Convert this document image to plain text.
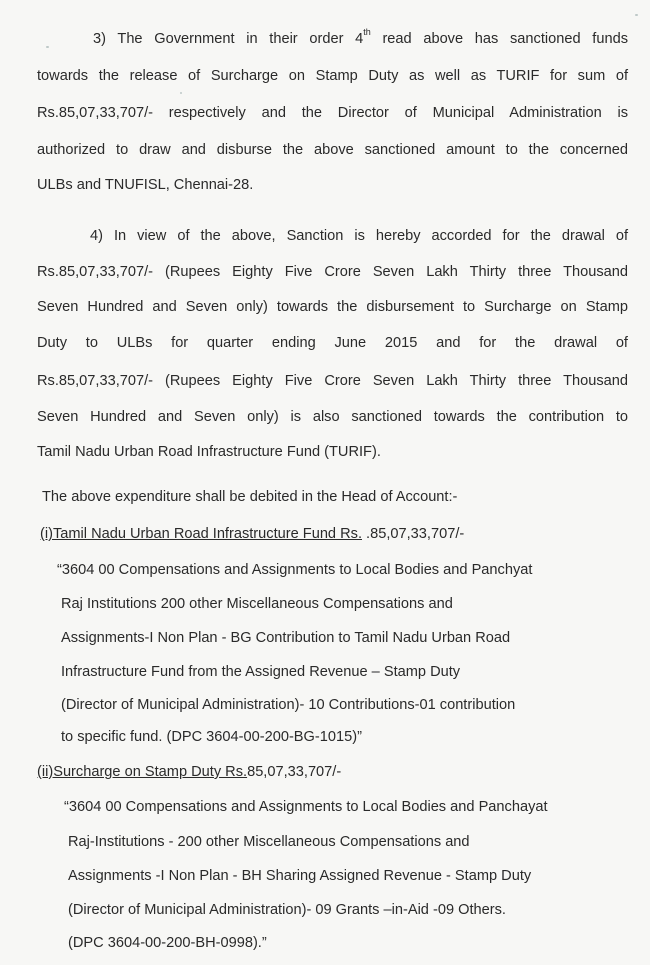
3) The Government in their order 4th read above has sanctioned funds
towards the release of Surcharge on Stamp Duty as well as TURIF for sum of
Rs.85,07,33,707/- respectively and the Director of Municipal Administration is
authorized to draw and disburse the above sanctioned amount to the concerned
ULBs and TNUFISL, Chennai-28.
4) In view of the above, Sanction is hereby accorded for the drawal of
Rs.85,07,33,707/- (Rupees Eighty Five Crore Seven Lakh Thirty three Thousand
Seven Hundred and Seven only) towards the disbursement to Surcharge on Stamp
Duty to ULBs for quarter ending June 2015 and for the drawal of
Rs.85,07,33,707/- (Rupees Eighty Five Crore Seven Lakh Thirty three Thousand
Seven Hundred and Seven only) is also sanctioned towards the contribution to
Tamil Nadu Urban Road Infrastructure Fund (TURIF).
The above expenditure shall be debited in the Head of Account:-
(i)Tamil Nadu Urban Road Infrastructure Fund Rs. .85,07,33,707/-
“3604 00 Compensations and Assignments to Local Bodies and Panchyat
Raj Institutions 200 other Miscellaneous Compensations and
Assignments-I Non Plan - BG Contribution to Tamil Nadu Urban Road
Infrastructure Fund from the Assigned Revenue – Stamp Duty
(Director of Municipal Administration)- 10 Contributions-01 contribution
to specific fund. (DPC 3604-00-200-BG-1015)”
(ii)Surcharge on Stamp Duty Rs.85,07,33,707/-
“3604 00 Compensations and Assignments to Local Bodies and Panchayat
Raj-Institutions - 200 other Miscellaneous Compensations and
Assignments -I Non Plan - BH Sharing Assigned Revenue - Stamp Duty
(Director of Municipal Administration)- 09 Grants –in-Aid -09 Others.
(DPC 3604-00-200-BH-0998).”
